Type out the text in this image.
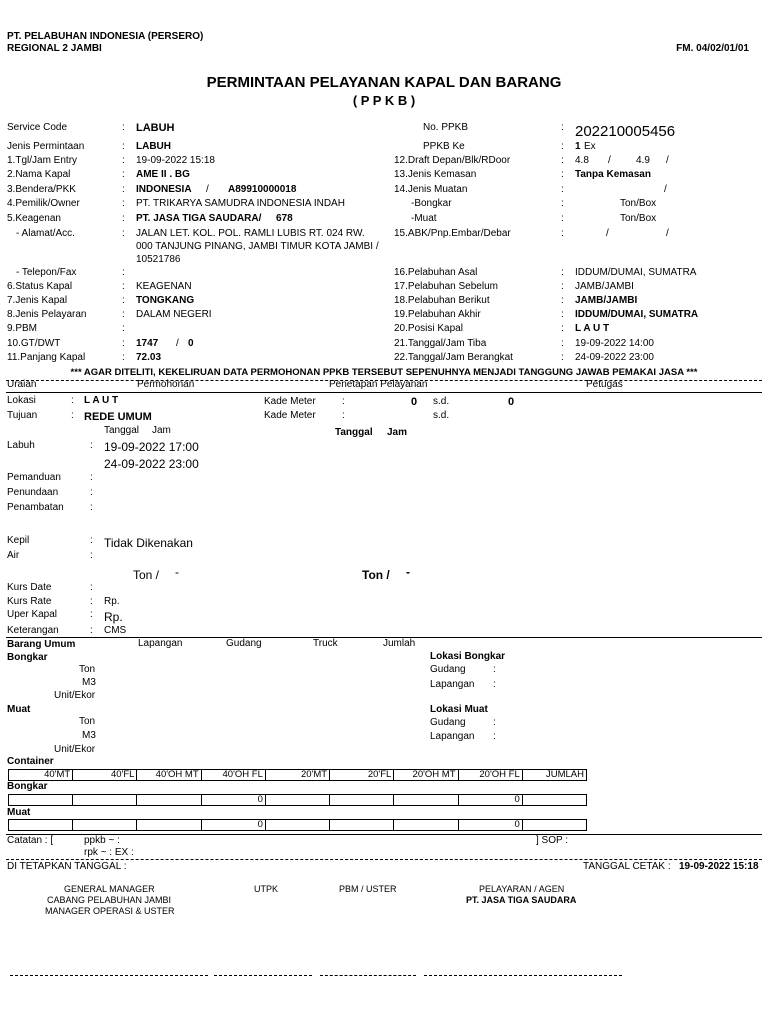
PT. PELABUHAN INDONESIA (PERSERO)
REGIONAL 2 JAMBI	FM. 04/02/01/01
PERMINTAAN PELAYANAN KAPAL DAN BARANG
( P P K B )
Service Code	: LABUH
Jenis Permintaan	: LABUH
1.Tgl/Jam Entry	: 19-09-2022 15:18
2.Nama Kapal	: AME II . BG
3.Bendera/PKK	: INDONESIA / A89910000018
4.Pemilik/Owner	: PT. TRIKARYA SAMUDRA INDONESIA INDAH
5.Keagenan	: PT. JASA TIGA SAUDARA/ 678
- Alamat/Acc.	: JALAN LET. KOL. POL. RAMLI LUBIS RT. 024 RW.
000 TANJUNG PINANG, JAMBI TIMUR KOTA JAMBI /
10521786
- Telepon/Fax	:
6.Status Kapal	: KEAGENAN
7.Jenis Kapal	: TONGKANG
8.Jenis Pelayaran	: DALAM NEGERI
9.PBM	:
10.GT/DWT	: 1747 / 0
11.Panjang Kapal	: 72.03
No. PPKB	: 202210005456
PPKB Ke	: 1 Ex
12.Draft Depan/Blk/RDoor	: 4.8 /	4.9 /
13.Jenis Kemasan	: Tanpa Kemasan
14.Jenis Muatan	:	/
-Bongkar	:	Ton/Box
-Muat	:	Ton/Box
15.ABK/Pnp.Embar/Debar	:	/	/
16.Pelabuhan Asal	: IDDUM/DUMAI, SUMATRA
17.Pelabuhan Sebelum	: JAMB/JAMBI
18.Pelabuhan Berikut	: JAMB/JAMBI
19.Pelabuhan Akhir	: IDDUM/DUMAI, SUMATRA
20.Posisi Kapal	: L A U T
21.Tanggal/Jam Tiba	: 19-09-2022 14:00
22.Tanggal/Jam Berangkat	: 24-09-2022 23:00
*** AGAR DITELITI, KEKELIRUAN DATA PERMOHONAN PPKB TERSEBUT SEPENUHNYA MENJADI TANGGUNG JAWAB PEMAKAI JASA ***
Uraian	Permohonan	Penetapan Pelayanan	Petugas
Lokasi	: L A U T	Kade Meter	:	0 s.d.	0
Tujuan	: REDE UMUM	Kade Meter	:	s.d.
Tanggal Jam	Tanggal Jam
Labuh	: 19-09-2022 17:00
24-09-2022 23:00
Pemanduan	:
Penundaan	:
Penambatan	:
Kepil	: Tidak Dikenakan
Air	:
Ton / -	Ton / -
Kurs Date	:
Kurs Rate	: Rp.
Uper Kapal	: Rp.
Keterangan	: CMS
Barang Umum	Lapangan	Gudang	Truck	Jumlah
Bongkar
Ton
M3
Unit/Ekor
Lokasi Bongkar
Gudang	:
Lapangan :
Muat
Ton
M3
Unit/Ekor
Lokasi Muat
Gudang	:
Lapangan :
Container
40'MT	40'FL	40'OH MT	40'OH FL	20'MT	20'FL	20'OH MT	20'OH FL	JUMLAH
Bongkar
			0				0	
Muat
			0				0	
Catatan : [	ppkb ~ :	] SOP :
rpk ~ : EX :
DI TETAPKAN TANGGAL :	TANGGAL CETAK : 19-09-2022 15:18
GENERAL MANAGER
CABANG PELABUHAN JAMBI
MANAGER OPERASI & USTER
UTPK	PBM / USTER	PELAYARAN / AGEN
PT. JASA TIGA SAUDARA
